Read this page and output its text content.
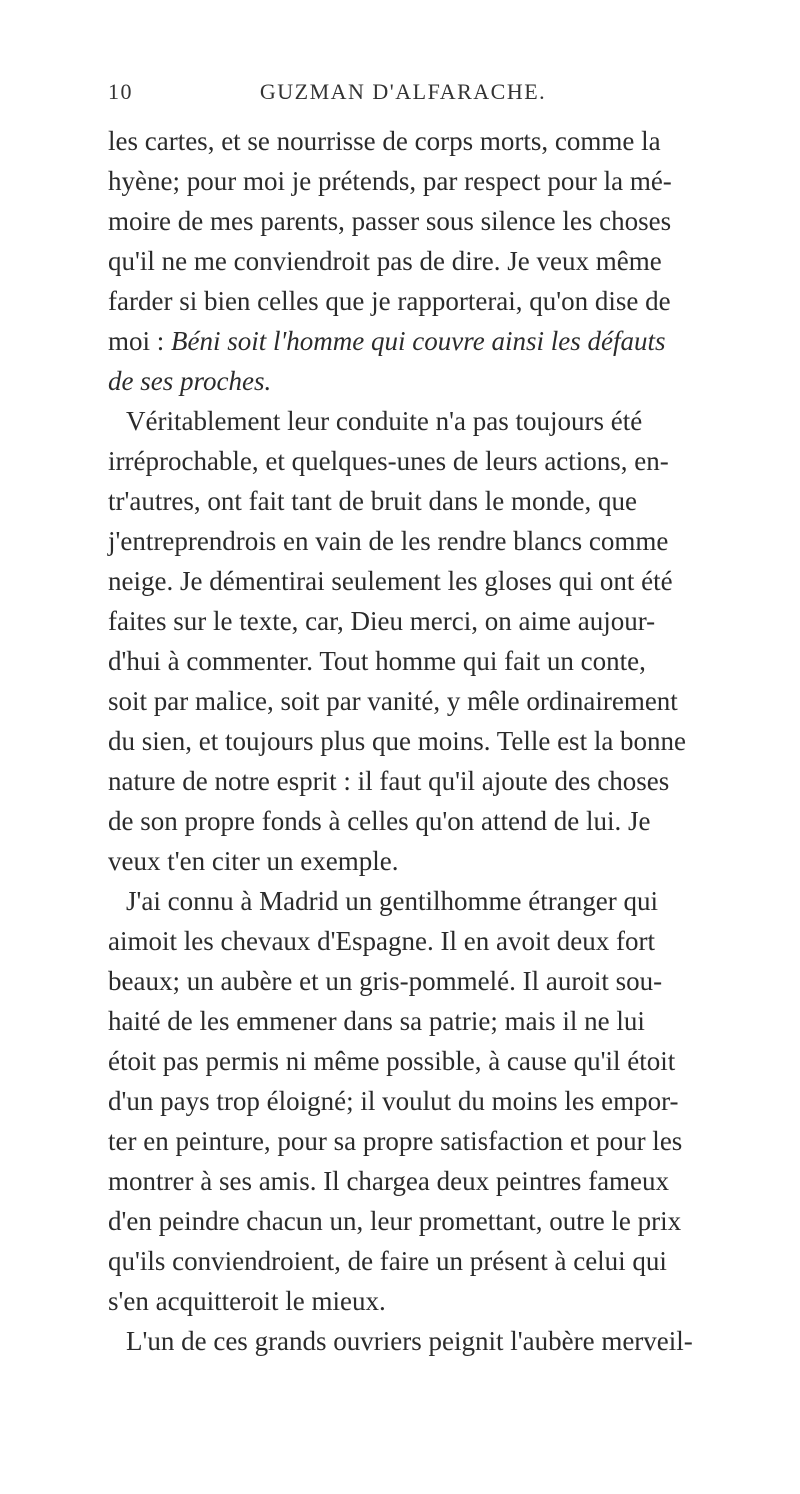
10	GUZMAN D'ALFARACHE.
les cartes, et se nourrisse de corps morts, comme la
hyène; pour moi je prétends, par respect pour la mé-
moire de mes parents, passer sous silence les choses
qu'il ne me conviendroit pas de dire. Je veux même
farder si bien celles que je rapporterai, qu'on dise de
moi : Béni soit l'homme qui couvre ainsi les défauts
de ses proches.
Véritablement leur conduite n'a pas toujours été
irréprochable, et quelques-unes de leurs actions, en-
tr'autres, ont fait tant de bruit dans le monde, que
j'entreprendrois en vain de les rendre blancs comme
neige. Je démentirai seulement les gloses qui ont été
faites sur le texte, car, Dieu merci, on aime aujour-
d'hui à commenter. Tout homme qui fait un conte,
soit par malice, soit par vanité, y mêle ordinairement
du sien, et toujours plus que moins. Telle est la bonne
nature de notre esprit : il faut qu'il ajoute des choses
de son propre fonds à celles qu'on attend de lui. Je
veux t'en citer un exemple.
J'ai connu à Madrid un gentilhomme étranger qui
aimoit les chevaux d'Espagne. Il en avoit deux fort
beaux; un aubère et un gris-pommelé. Il auroit sou-
haité de les emmener dans sa patrie; mais il ne lui
étoit pas permis ni même possible, à cause qu'il étoit
d'un pays trop éloigné; il voulut du moins les empor-
ter en peinture, pour sa propre satisfaction et pour les
montrer à ses amis. Il chargea deux peintres fameux
d'en peindre chacun un, leur promettant, outre le prix
qu'ils conviendroient, de faire un présent à celui qui
s'en acquitteroit le mieux.
L'un de ces grands ouvriers peignit l'aubère merveil-
